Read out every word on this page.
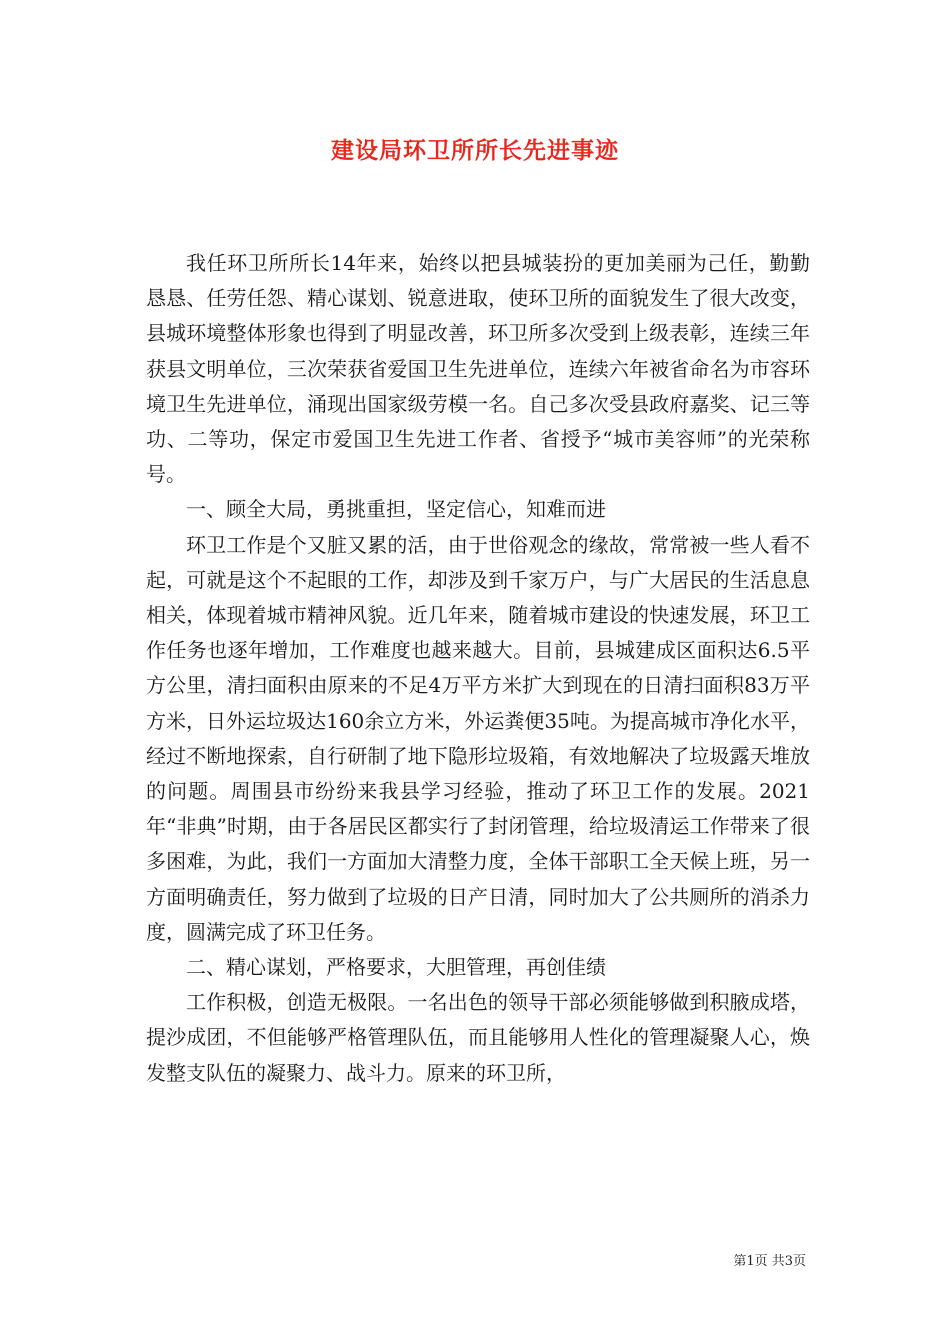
建设局环卫所所长先进事迹

我任环卫所所长14年来，始终以把县城装扮的更加美丽为己任，勤勤恳恳、任劳任怨、精心谋划、锐意进取，使环卫所的面貌发生了很大改变，县城环境整体形象也得到了明显改善，环卫所多次受到上级表彰，连续三年获县文明单位，三次荣获省爱国卫生先进单位，连续六年被省命名为市容环境卫生先进单位，涌现出国家级劳模一名。自己多次受县政府嘉奖、记三等功、二等功，保定市爱国卫生先进工作者、省授予“城市美容师”的光荣称号。

一、顾全大局，勇挑重担，坚定信心，知难而进

环卫工作是个又脏又累的活，由于世俗观念的缘故，常常被一些人看不起，可就是这个不起眼的工作，却涉及到千家万户，与广大居民的生活息息相关，体现着城市精神风貌。近几年来，随着城市建设的快速发展，环卫工作任务也逐年增加，工作难度也越来越大。目前，县城建成区面积达6.5平方公里，清扫面积由原来的不足4万平方米扩大到现在的日清扫面积83万平方米，日外运垃圾达160余立方米，外运粪便35吨。为提高城市净化水平，经过不断地探索，自行研制了地下隐形垃圾箱，有效地解决了垃圾露天堆放的问题。周围县市纷纷来我县学习经验，推动了环卫工作的发展。2021年“非典”时期，由于各居民区都实行了封闭管理，给垃圾清运工作带来了很多困难，为此，我们一方面加大清整力度，全体干部职工全天候上班，另一方面明确责任，努力做到了垃圾的日产日清，同时加大了公共厕所的消杀力度，圆满完成了环卫任务。

二、精心谋划，严格要求，大胆管理，再创佳绩

工作积极，创造无极限。一名出色的领导干部必须能够做到积腋成塔，提沙成团，不但能够严格管理队伍，而且能够用人性化的管理凝聚人心，焕发整支队伍的凝聚力、战斗力。原来的环卫所，

第1页 共3页
